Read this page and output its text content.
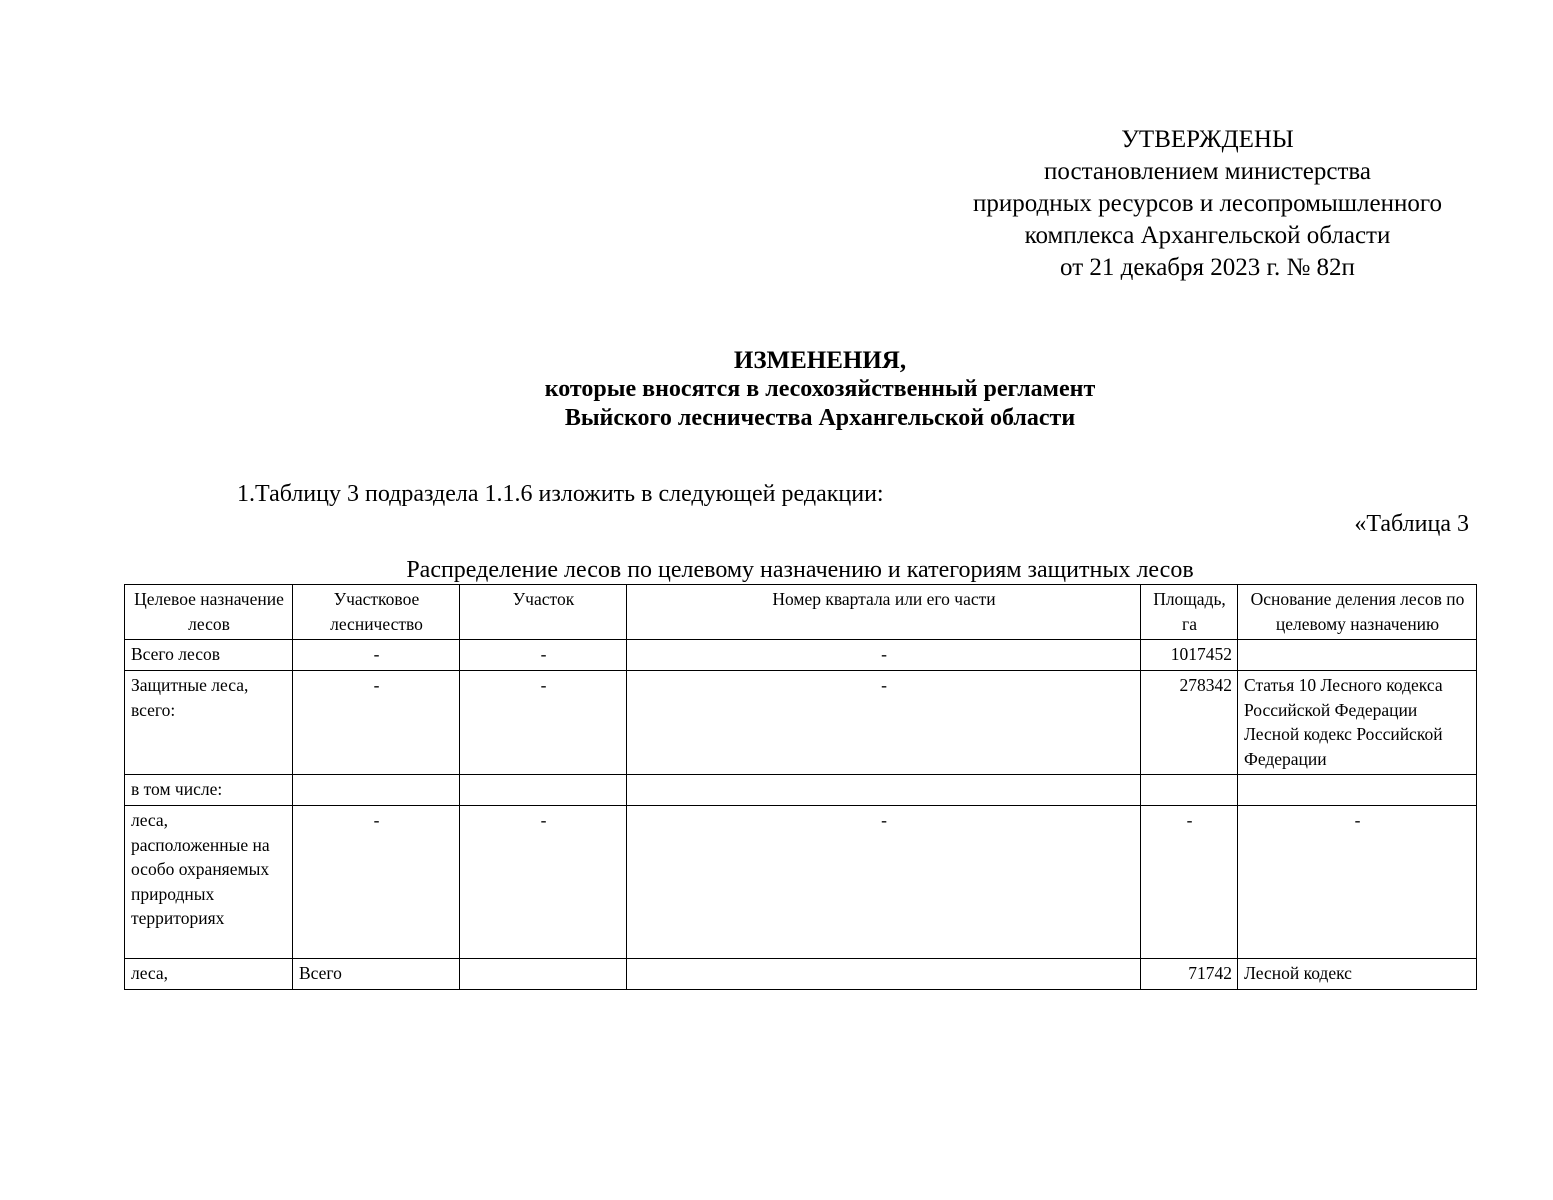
УТВЕРЖДЕНЫ
постановлением министерства
природных ресурсов и лесопромышленного
комплекса Архангельской области
от 21 декабря 2023 г. № 82п
ИЗМЕНЕНИЯ,
которые вносятся в лесохозяйственный регламент
Выйского лесничества Архангельской области
1.Таблицу 3 подраздела 1.1.6 изложить в следующей редакции:
«Таблица 3
Распределение лесов по целевому назначению и категориям защитных лесов
Целевое назначение лесов	Участковое лесничество	Участок	Номер квартала или его части	Площадь, га	Основание деления лесов по целевому назначению
Всего лесов	-	-	-	1017452	
Защитные леса, всего:	-	-	-	278342	Статья 10 Лесного кодекса Российской Федерации Лесной кодекс Российской Федерации
в том числе:					
леса, расположенные на особо охраняемых природных территориях	-	-	-	-	-
леса,	Всего			71742	Лесной кодекс
